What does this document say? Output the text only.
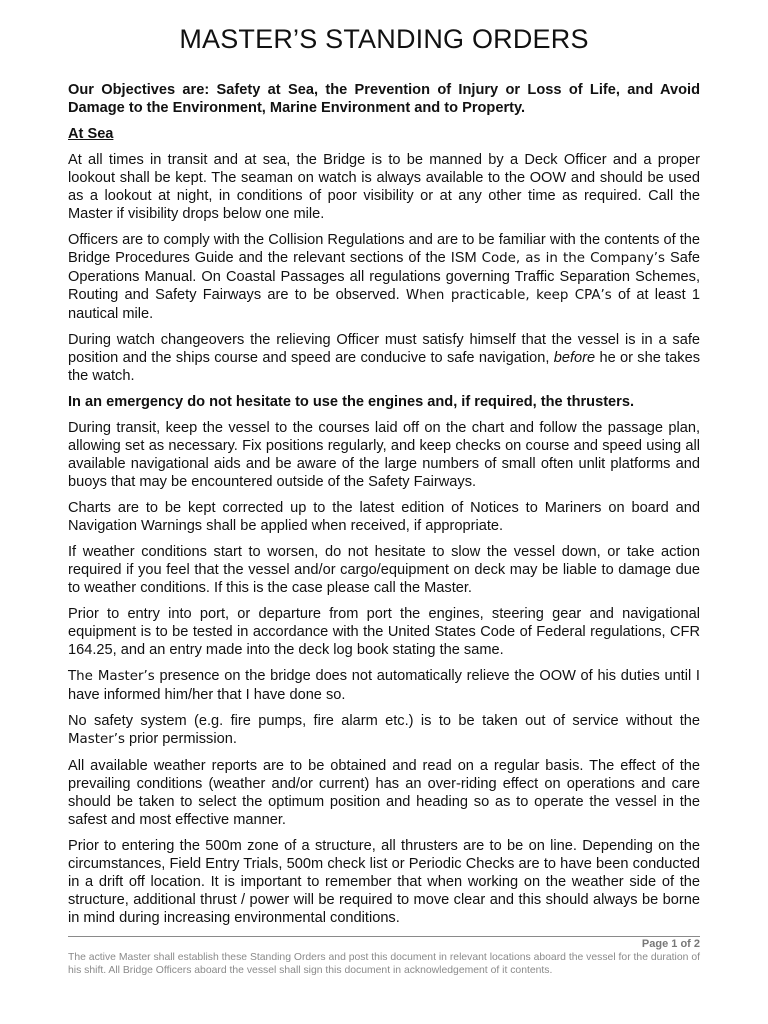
MASTER’S STANDING ORDERS

Our Objectives are: Safety at Sea, the Prevention of Injury or Loss of Life, and Avoid Damage to the Environment, Marine Environment and to Property.

At Sea

At all times in transit and at sea, the Bridge is to be manned by a Deck Officer and a proper lookout shall be kept. The seaman on watch is always available to the OOW and should be used as a lookout at night, in conditions of poor visibility or at any other time as required. Call the Master if visibility drops below one mile.

Officers are to comply with the Collision Regulations and are to be familiar with the contents of the Bridge Procedures Guide and the relevant sections of the ISM Code, as in the Company’s Safe Operations Manual. On Coastal Passages all regulations governing Traffic Separation Schemes, Routing and Safety Fairways are to be observed. When practicable, keep CPA’s of at least 1 nautical mile.

During watch changeovers the relieving Officer must satisfy himself that the vessel is in a safe position and the ships course and speed are conducive to safe navigation, before he or she takes the watch.

In an emergency do not hesitate to use the engines and, if required, the thrusters.

During transit, keep the vessel to the courses laid off on the chart and follow the passage plan, allowing set as necessary. Fix positions regularly, and keep checks on course and speed using all available navigational aids and be aware of the large numbers of small often unlit platforms and buoys that may be encountered outside of the Safety Fairways.

Charts are to be kept corrected up to the latest edition of Notices to Mariners on board and Navigation Warnings shall be applied when received, if appropriate.

If weather conditions start to worsen, do not hesitate to slow the vessel down, or take action required if you feel that the vessel and/or cargo/equipment on deck may be liable to damage due to weather conditions. If this is the case please call the Master.

Prior to entry into port, or departure from port the engines, steering gear and navigational equipment is to be tested in accordance with the United States Code of Federal regulations, CFR 164.25, and an entry made into the deck log book stating the same.

The Master’s presence on the bridge does not automatically relieve the OOW of his duties until I have informed him/her that I have done so.

No safety system (e.g. fire pumps, fire alarm etc.) is to be taken out of service without the Master’s prior permission.

All available weather reports are to be obtained and read on a regular basis. The effect of the prevailing conditions (weather and/or current) has an over-riding effect on operations and care should be taken to select the optimum position and heading so as to operate the vessel in the safest and most effective manner.

Prior to entering the 500m zone of a structure, all thrusters are to be on line. Depending on the circumstances, Field Entry Trials, 500m check list or Periodic Checks are to have been conducted in a drift off location. It is important to remember that when working on the weather side of the structure, additional thrust / power will be required to move clear and this should always be borne in mind during increasing environmental conditions.

Page 1 of 2
The active Master shall establish these Standing Orders and post this document in relevant locations aboard the vessel for the duration of his shift. All Bridge Officers aboard the vessel shall sign this document in acknowledgement of it contents.
